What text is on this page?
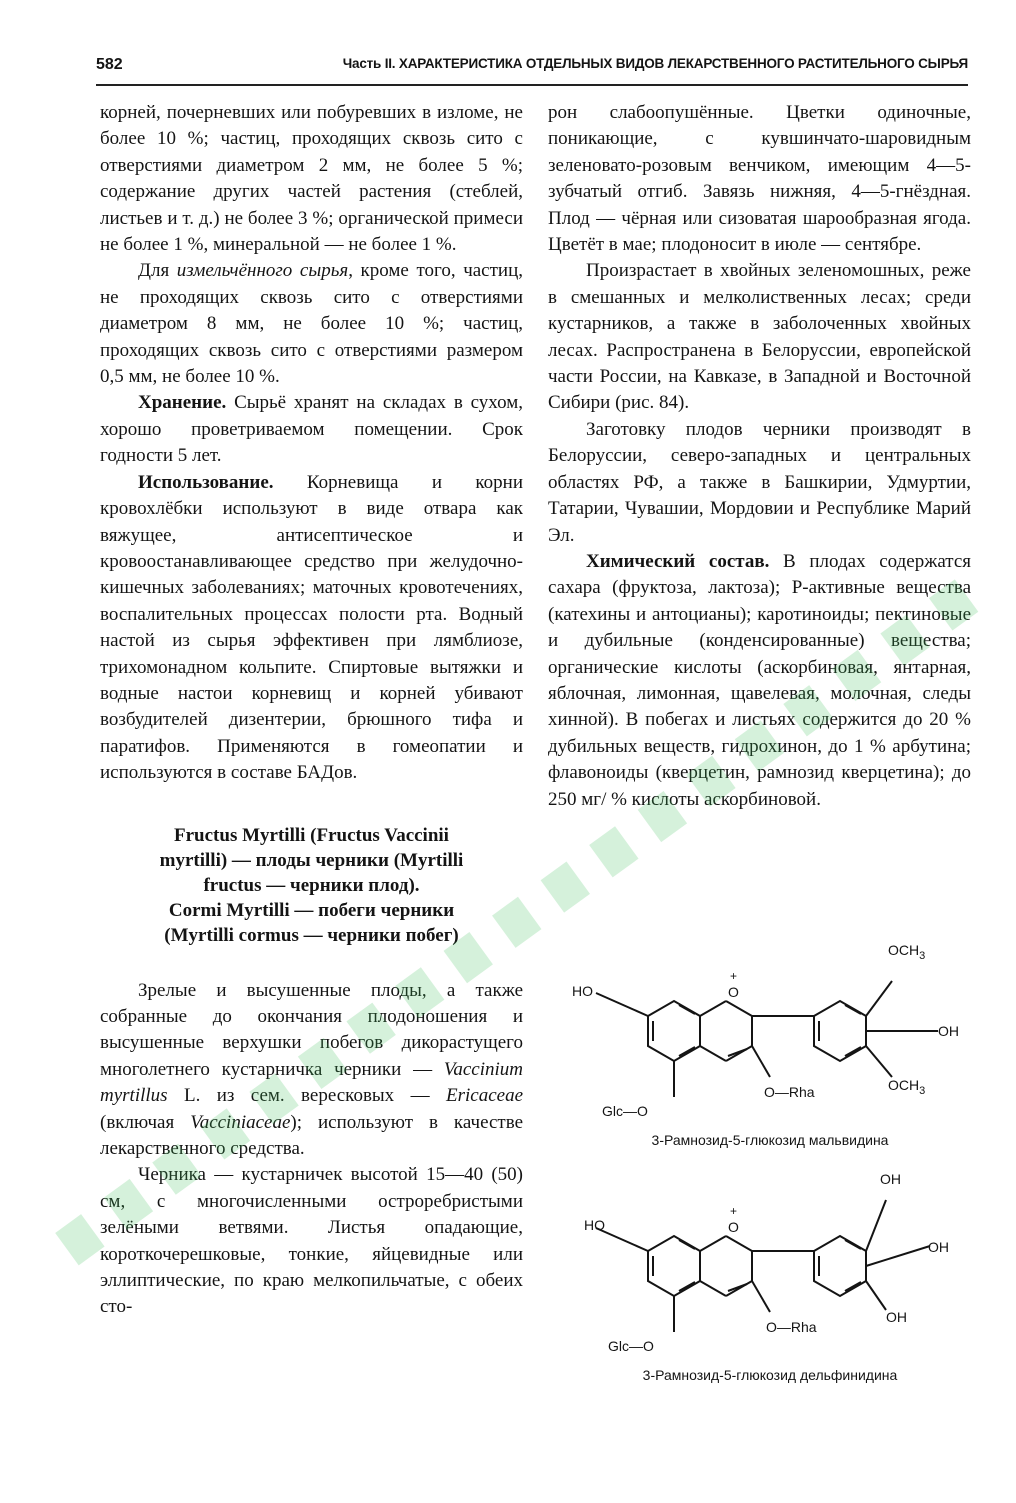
582	Часть II. ХАРАКТЕРИСТИКА ОТДЕЛЬНЫХ ВИДОВ ЛЕКАРСТВЕННОГО РАСТИТЕЛЬНОГО СЫРЬЯ

корней, почерневших или побуревших в изломе, не более 10 %; частиц, проходящих сквозь сито с отверстиями диаметром 2 мм, не более 5 %; содержание других частей растения (стеблей, листьев и т. д.) не более 3 %; органической примеси не более 1 %, минеральной — не более 1 %.

Для измельчённого сырья, кроме того, частиц, не проходящих сквозь сито с отверстиями диаметром 8 мм, не более 10 %; частиц, проходящих сквозь сито с отверстиями размером 0,5 мм, не более 10 %.

Хранение. Сырьё хранят на складах в сухом, хорошо проветриваемом помещении. Срок годности 5 лет.

Использование. Корневища и корни кровохлёбки используют в виде отвара как вяжущее, антисептическое и кровоостанавливающее средство при желудочно-кишечных заболеваниях; маточных кровотечениях, воспалительных процессах полости рта. Водный настой из сырья эффективен при лямблиозе, трихомонадном кольпите. Спиртовые вытяжки и водные настои корневищ и корней убивают возбудителей дизентерии, брюшного тифа и паратифов. Применяются в гомеопатии и используются в составе БАДов.

Fructus Myrtilli (Fructus Vaccinii
myrtilli) — плоды черники (Myrtilli
fructus — черники плод).
Cormi Myrtilli — побеги черники
(Myrtilli cormus — черники побег)

Зрелые и высушенные плоды, а также собранные до окончания плодоношения и высушенные верхушки побегов дикорастущего многолетнего кустарничка черники — Vaccinium myrtillus L. из сем. вересковых — Ericaceae (включая Vacciniaceae); используют в качестве лекарственного средства.

Черника — кустарничек высотой 15—40 (50) см, с многочисленными остроребристыми зелёными ветвями. Листья опадающие, короткочерешковые, тонкие, яйцевидные или эллиптические, по краю мелкопильчатые, с обеих сто-

рон слабоопушённые. Цветки одиночные, поникающие, с кувшинчато-шаровидным зеленовато-розовым венчиком, имеющим 4—5-зубчатый отгиб. Завязь нижняя, 4—5-гнёздная. Плод — чёрная или сизоватая шарообразная ягода. Цветёт в мае; плодоносит в июле — сентябре.

Произрастает в хвойных зеленомошных, реже в смешанных и мелколиственных лесах; среди кустарников, а также в заболоченных хвойных лесах. Распространена в Белоруссии, европейской части России, на Кавказе, в Западной и Восточной Сибири (рис. 84).

Заготовку плодов черники производят в Белоруссии, северо-западных и центральных областях РФ, а также в Башкирии, Удмуртии, Татарии, Чувашии, Мордовии и Республике Марий Эл.

Химический состав. В плодах содержатся сахара (фруктоза, лактоза); Р-активные вещества (катехины и антоцианы); каротиноиды; пектиновые и дубильные (конденсированные) вещества; органические кислоты (аскорбиновая, янтарная, яблочная, лимонная, щавелевая, молочная, следы хинной). В побегах и листьях содержится до 20 % дубильных веществ, гидрохинон, до 1 % арбутина; флавоноиды (кверцетин, рамнозид кверцетина); до 250 мг/ % кислоты аскорбиновой.

HO	O
+
$OCH_3$
OH
$OCH_3$
O—Rha
Glc—O
3-Рамнозид-5-глюкозид мальвидина
HO	O
+
OH
OH
OH
O—Rha
Glc—O
3-Рамнозид-5-глюкозид дельфинидина
